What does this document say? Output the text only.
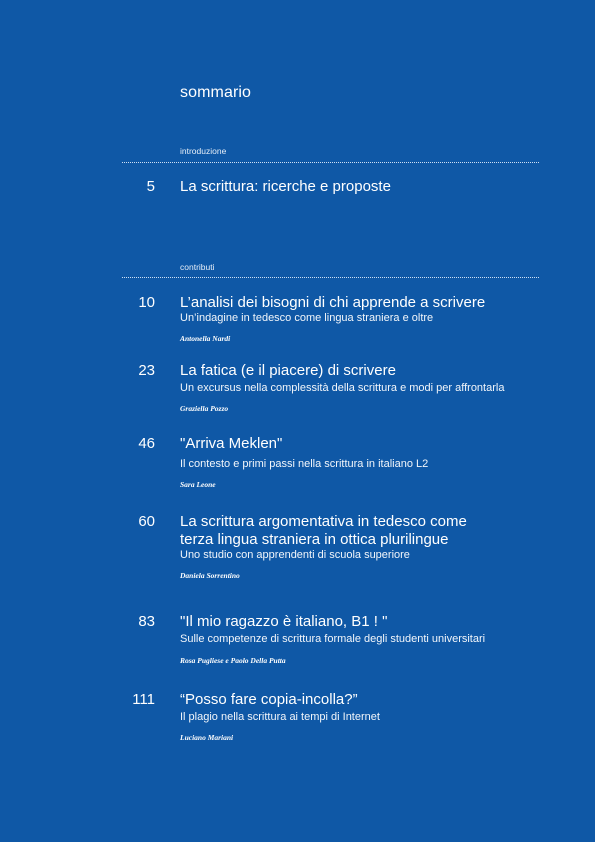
sommario
introduzione
5 La scrittura: ricerche e proposte
contributi
10 L’analisi dei bisogni di chi apprende a scrivere
Un’indagine in tedesco come lingua straniera e oltre
Antonella Nardi
23 La fatica (e il piacere) di scrivere
Un excursus nella complessità della scrittura e modi per affrontarla
Graziella Pozzo
46 "Arriva Meklen"
Il contesto e primi passi nella scrittura in italiano L2
Sara Leone
60 La scrittura argomentativa in tedesco come
terza lingua straniera in ottica plurilingue
Uno studio con apprendenti di scuola superiore
Daniela Sorrentino
83 "Il mio ragazzo è italiano, B1 ! "
Sulle competenze di scrittura formale degli studenti universitari
Rosa Pugliese e Paolo Della Putta
111 “Posso fare copia-incolla?”
Il plagio nella scrittura ai tempi di Internet
Luciano Mariani
